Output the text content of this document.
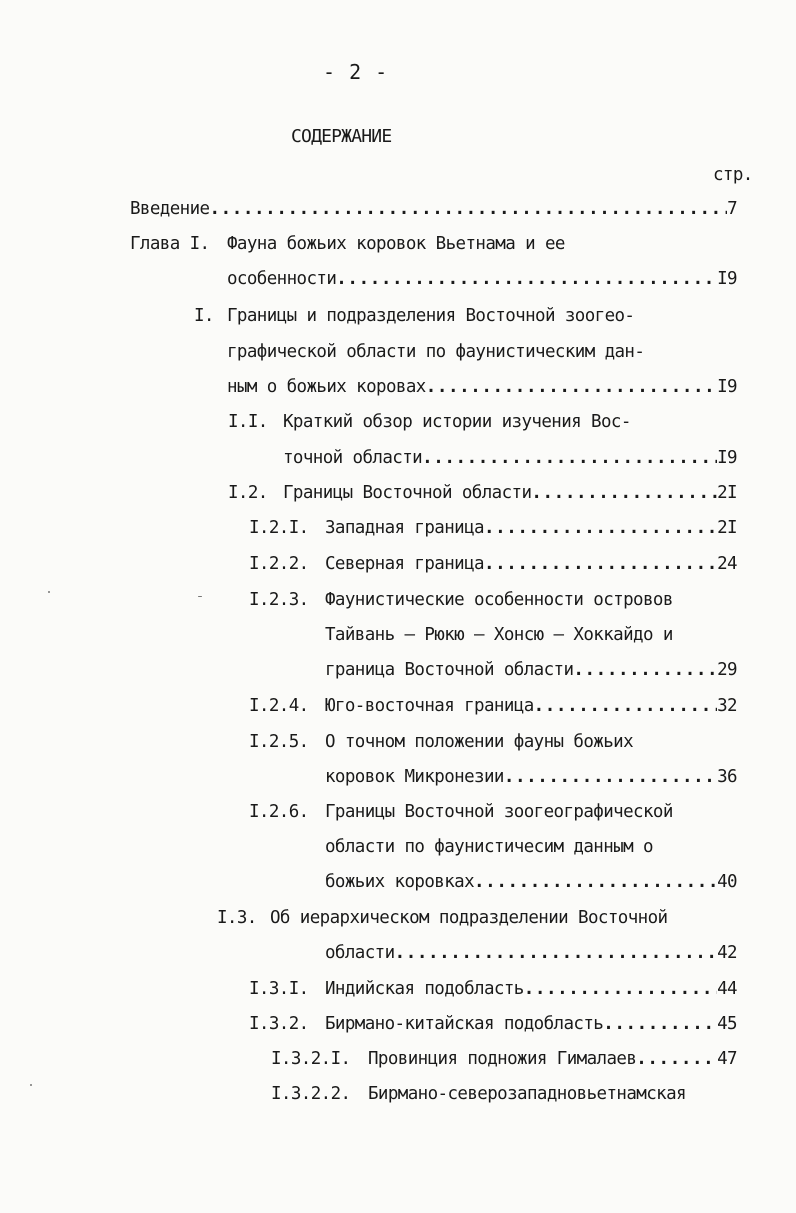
- 2 -
СОДЕРЖАНИЕ
стр.
Введение .....	7
Глава I. Фауна божьих коровок Вьетнама и ее
особенности .....	I9
I. Границы и подразделения Восточной зоогео-
графической области по фаунистическим дан-
ным о божьих коровах .....	I9
I.I. Краткий обзор истории изучения Вос-
точной области .....	I9
I.2. Границы Восточной области .....	2I
I.2.I. Западная граница .....	2I
I.2.2. Северная граница .....	24
I.2.3. Фаунистические особенности островов
Тайвань – Рюкю – Хонсю – Хоккайдо и
граница Восточной области .....	29
I.2.4. Юго-восточная граница .....	32
I.2.5. О точном положении фауны божьих
коровок Микронезии .....	36
I.2.6. Границы Восточной зоогеографической
области по фаунистичесим данным о
божьих коровках .....	40
I.3. Об иерархическом подразделении Восточной
области .....	42
I.3.I. Индийская подобласть .....	44
I.3.2. Бирмано-китайская подобласть .....	45
I.3.2.I. Провинция подножия Гималаев .....	47
I.3.2.2. Бирмано-северозападновьетнамская
